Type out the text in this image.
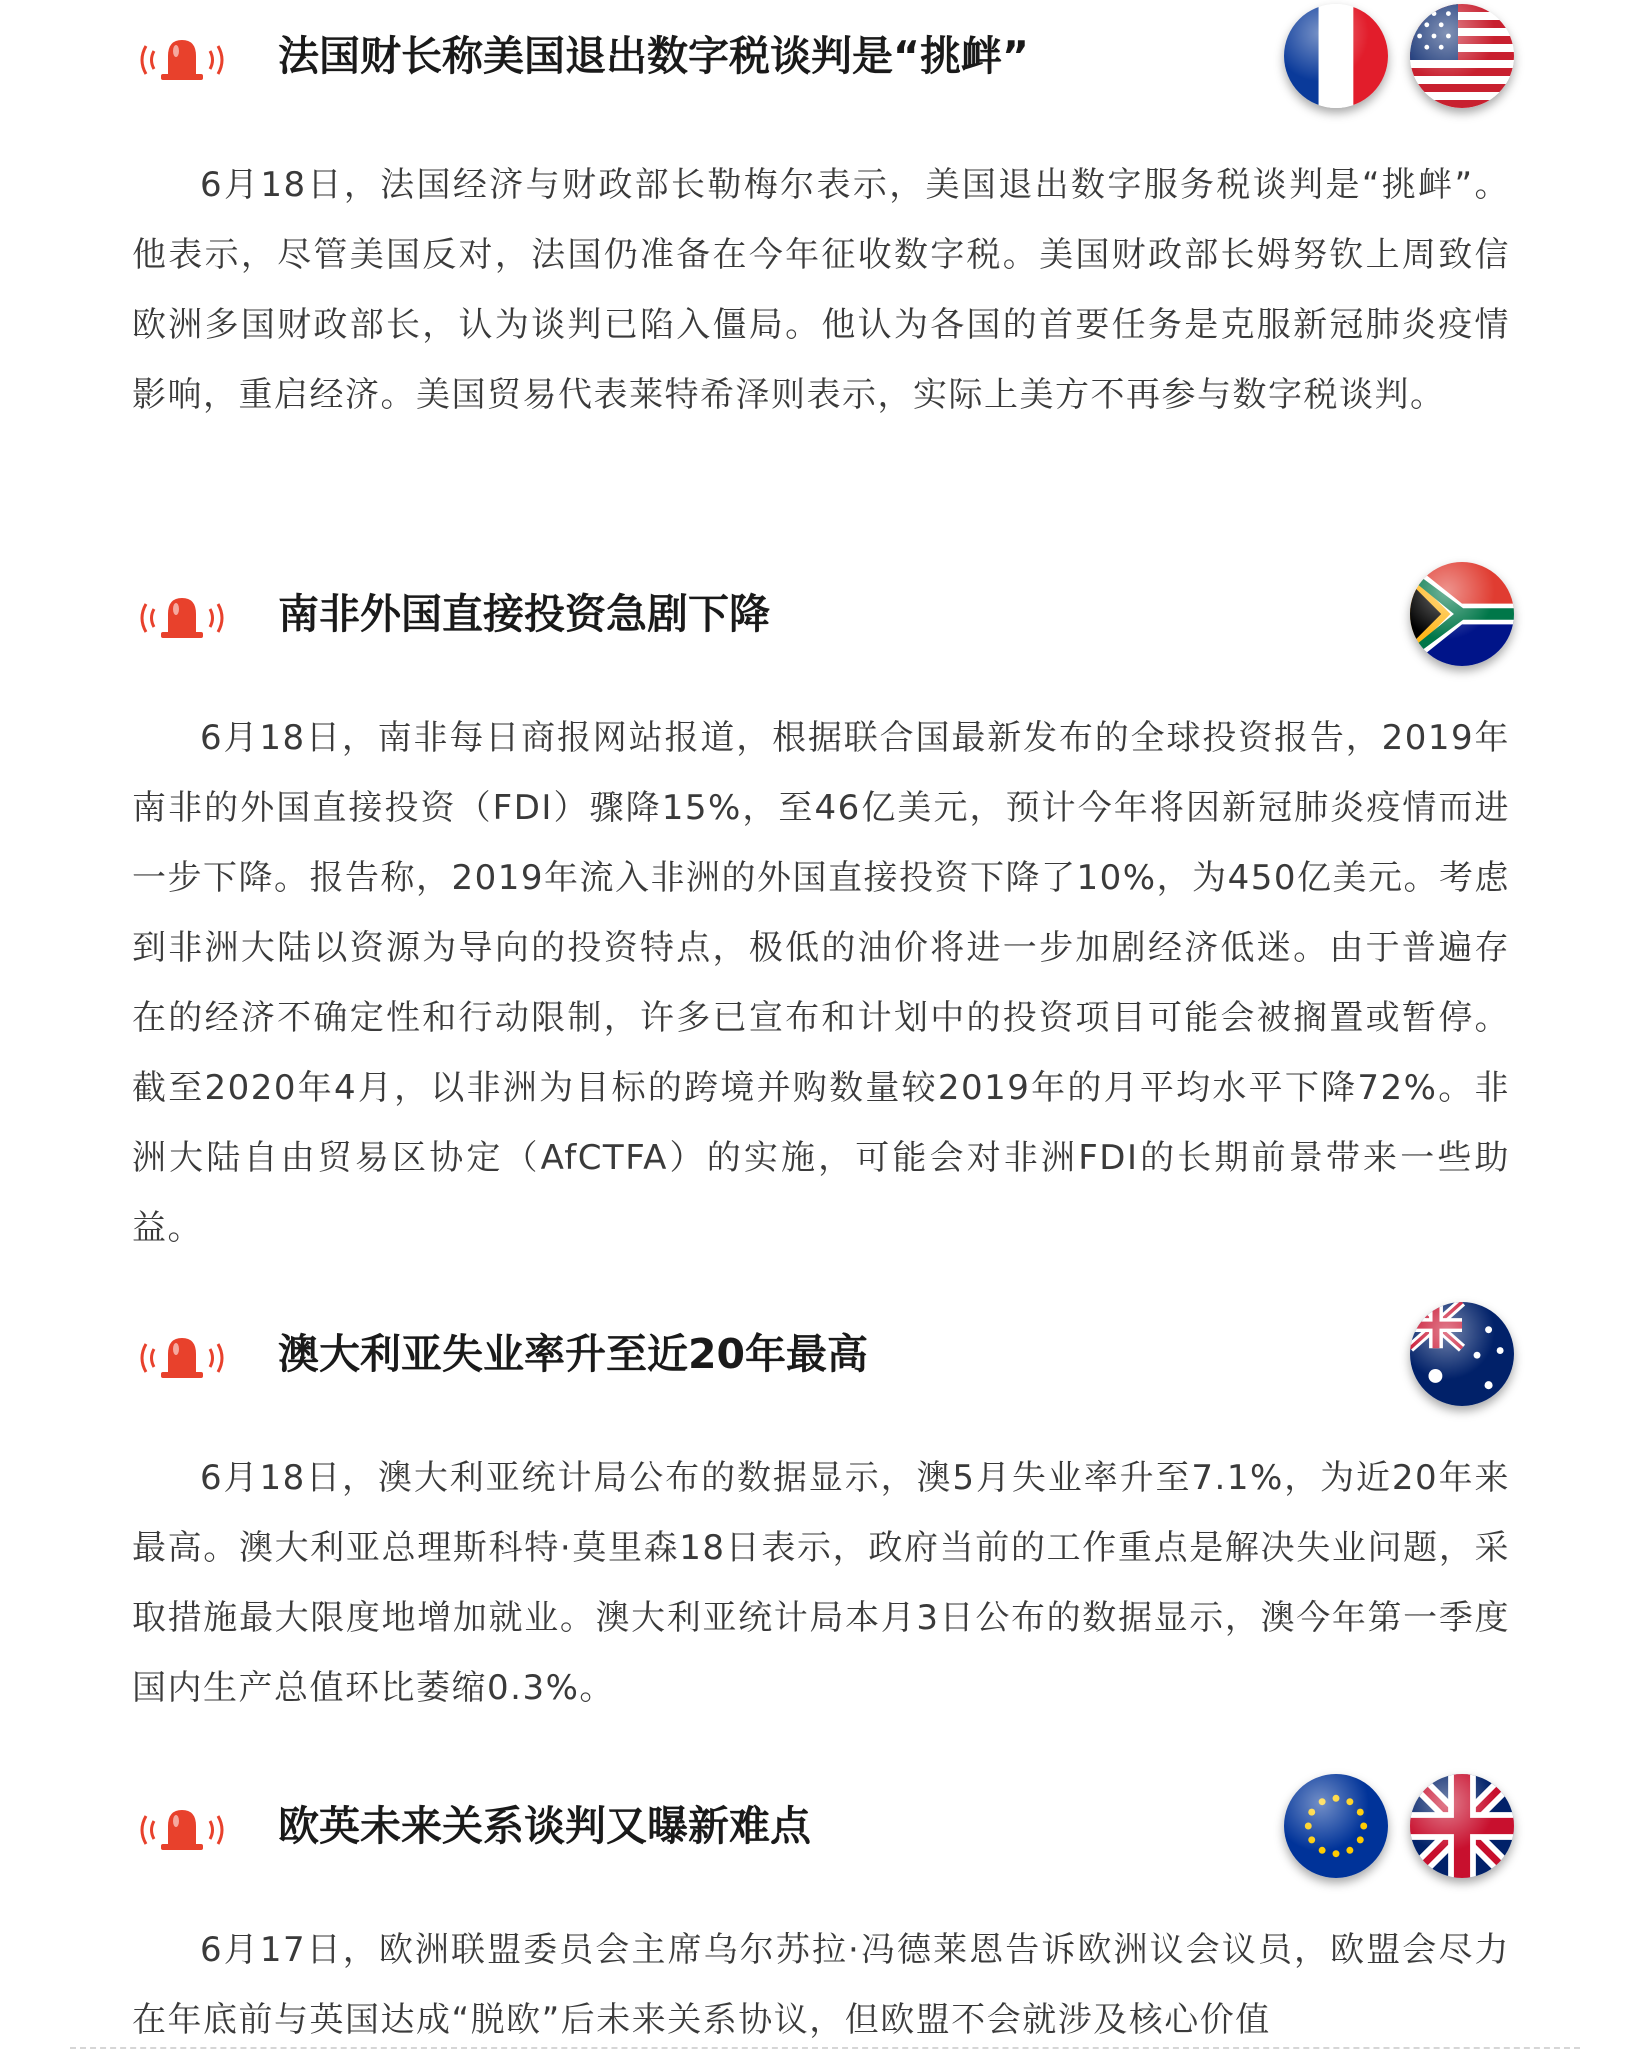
法国财长称美国退出数字税谈判是“挑衅”

6月18日，法国经济与财政部长勒梅尔表示，美国退出数字服务税谈判是“挑衅”。他表示，尽管美国反对，法国仍准备在今年征收数字税。美国财政部长姆努钦上周致信欧洲多国财政部长，认为谈判已陷入僵局。他认为各国的首要任务是克服新冠肺炎疫情影响，重启经济。美国贸易代表莱特希泽则表示，实际上美方不再参与数字税谈判。

南非外国直接投资急剧下降

6月18日，南非每日商报网站报道，根据联合国最新发布的全球投资报告，2019年南非的外国直接投资（FDI）骤降15%，至46亿美元，预计今年将因新冠肺炎疫情而进一步下降。报告称，2019年流入非洲的外国直接投资下降了10%，为450亿美元。考虑到非洲大陆以资源为导向的投资特点，极低的油价将进一步加剧经济低迷。由于普遍存在的经济不确定性和行动限制，许多已宣布和计划中的投资项目可能会被搁置或暂停。截至2020年4月，以非洲为目标的跨境并购数量较2019年的月平均水平下降72%。非洲大陆自由贸易区协定（AfCTFA）的实施，可能会对非洲FDI的长期前景带来一些助益。

澳大利亚失业率升至近20年最高

6月18日，澳大利亚统计局公布的数据显示，澳5月失业率升至7.1%，为近20年来最高。澳大利亚总理斯科特·莫里森18日表示，政府当前的工作重点是解决失业问题，采取措施最大限度地增加就业。澳大利亚统计局本月3日公布的数据显示，澳今年第一季度国内生产总值环比萎缩0.3%。

欧英未来关系谈判又曝新难点

6月17日，欧洲联盟委员会主席乌尔苏拉·冯德莱恩告诉欧洲议会议员，欧盟会尽力在年底前与英国达成“脱欧”后未来关系协议，但欧盟不会就涉及核心价值
